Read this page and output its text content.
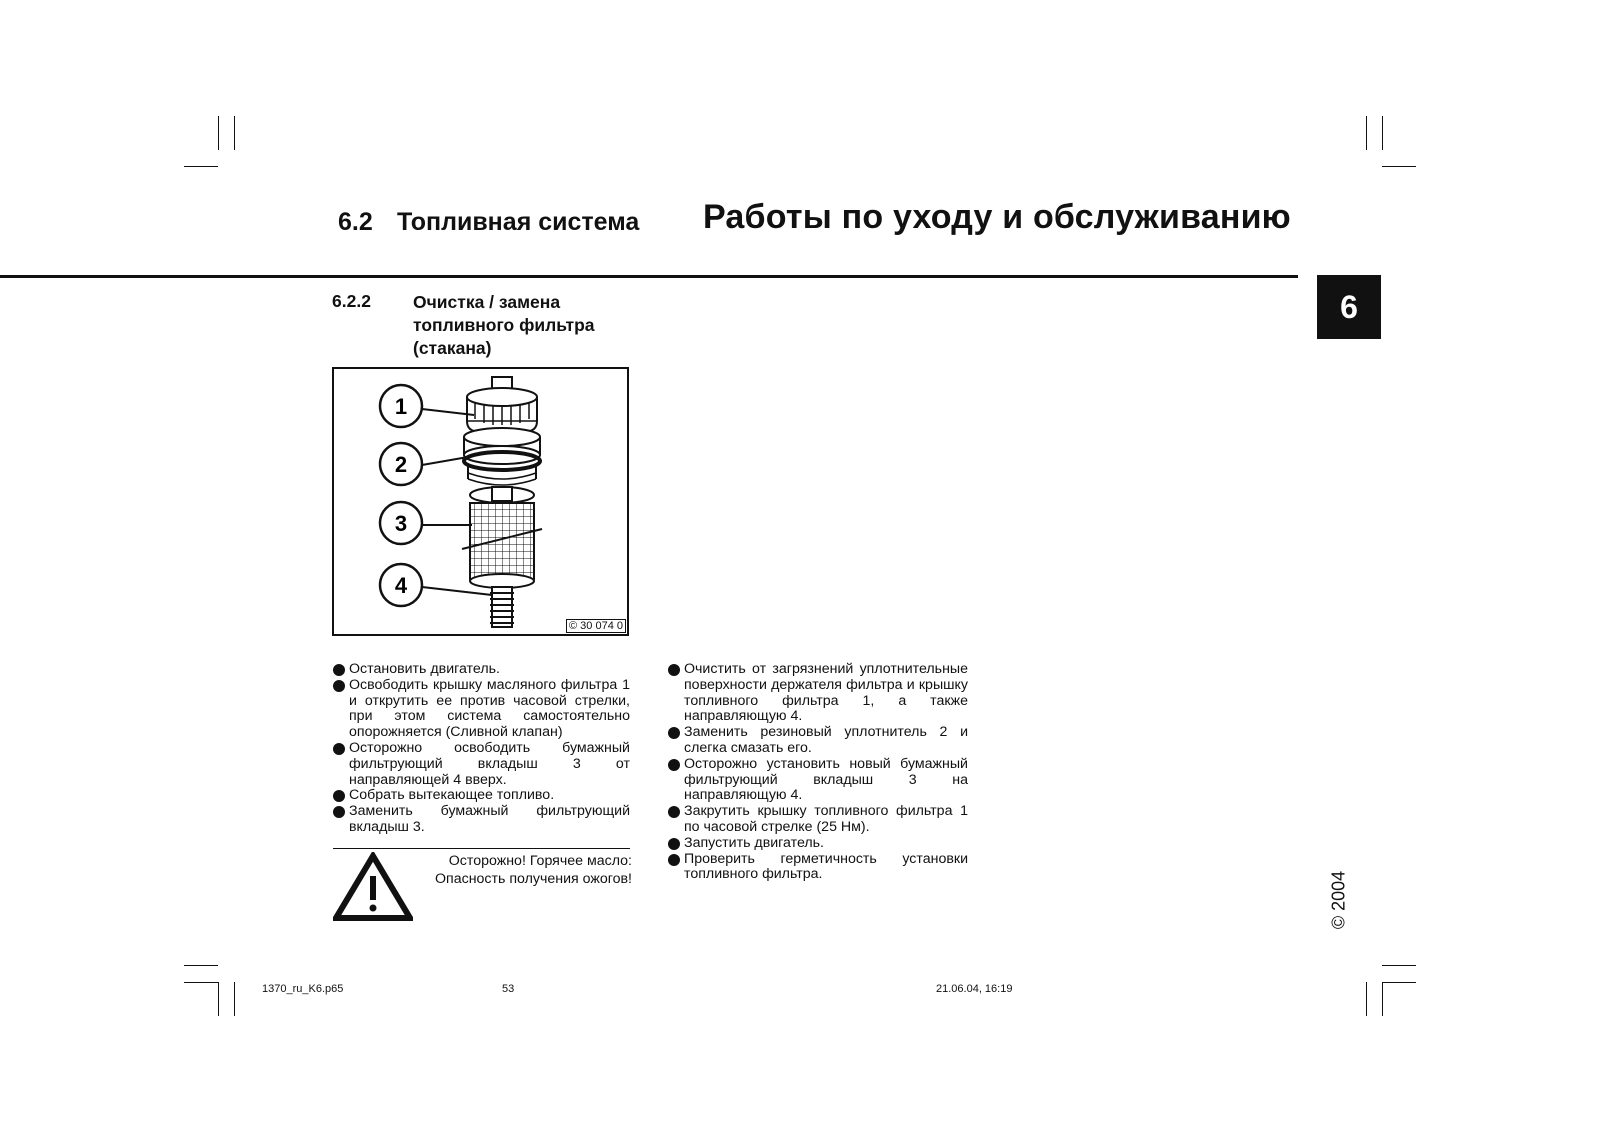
6.2 Топливная система Работы по уходу и обслуживанию
6
6.2.2 Очистка / замена
топливного фильтра
(стакана)
1
2
3
4
© 30 074 0
Остановить двигатель.
Освободить крышку масляного фильтра 1 и открутить ее против часовой стрелки, при этом система самостоятельно опорожняется (Сливной клапан)
Осторожно освободить бумажный фильтрующий вкладыш 3 от направляющей 4 вверх.
Собрать вытекающее топливо.
Заменить бумажный фильтрующий вкладыш 3.
Осторожно! Горячее масло:
Опасность получения ожогов!
Очистить от загрязнений уплотнительные поверхности держателя фильтра и крышку топливного фильтра 1, а также направляющую 4.
Заменить резиновый уплотнитель 2 и слегка смазать его.
Осторожно установить новый бумажный фильтрующий вкладыш 3 на направляющую 4.
Закрутить крышку топливного фильтра 1 по часовой стрелке (25 Нм).
Запустить двигатель.
Проверить герметичность установки топливного фильтра.	© 2004
1370_ru_K6.p65	53	21.06.04, 16:19
